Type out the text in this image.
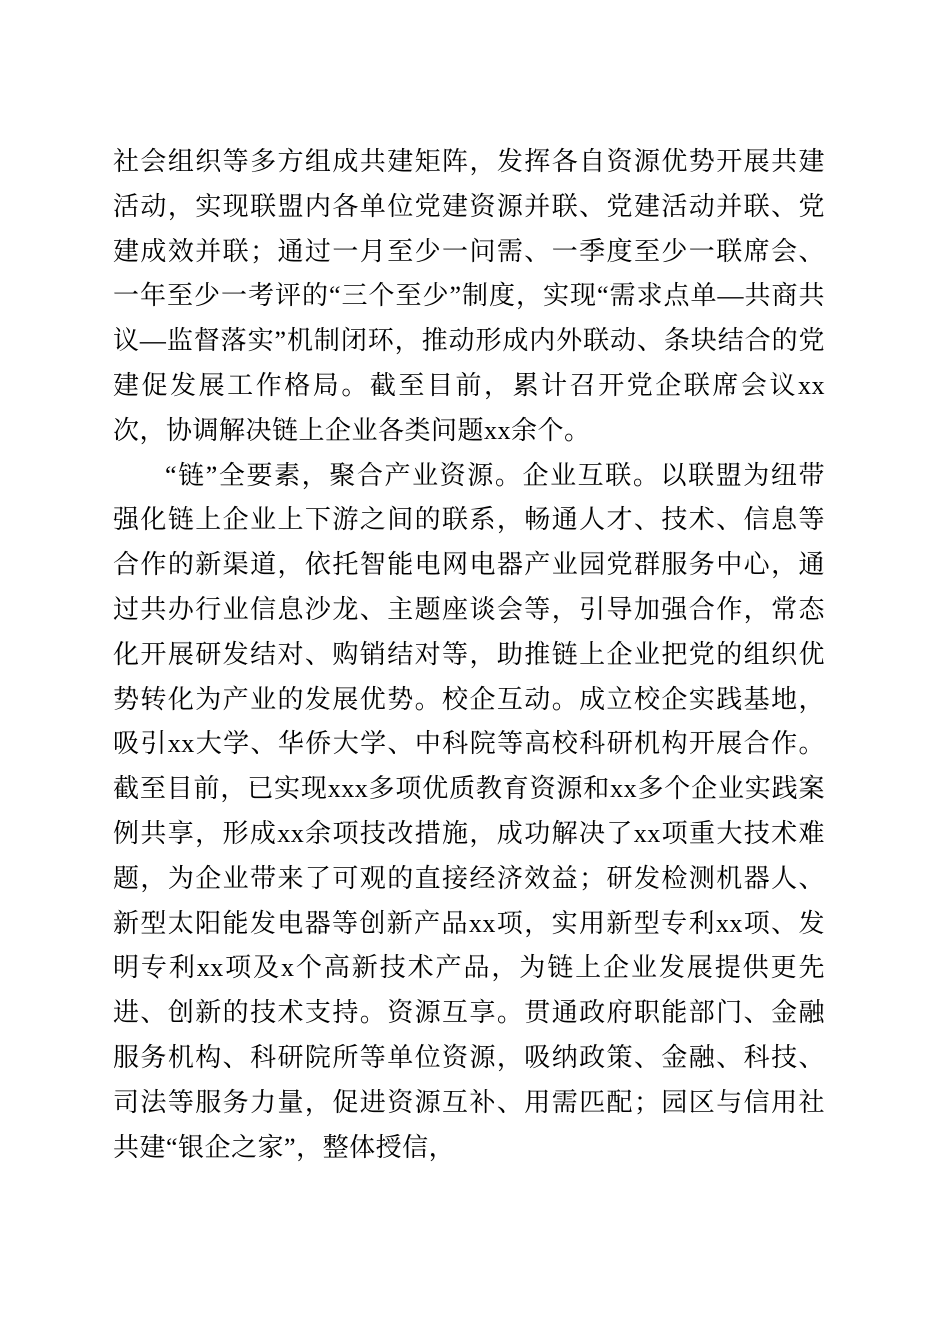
社会组织等多方组成共建矩阵，发挥各自资源优势开展共建活动，实现联盟内各单位党建资源并联、党建活动并联、党建成效并联；通过一月至少一问需、一季度至少一联席会、一年至少一考评的“三个至少”制度，实现“需求点单—共商共议—监督落实”机制闭环，推动形成内外联动、条块结合的党建促发展工作格局。截至目前，累计召开党企联席会议xx次，协调解决链上企业各类问题xx余个。

“链”全要素，聚合产业资源。企业互联。以联盟为纽带强化链上企业上下游之间的联系，畅通人才、技术、信息等合作的新渠道，依托智能电网电器产业园党群服务中心，通过共办行业信息沙龙、主题座谈会等，引导加强合作，常态化开展研发结对、购销结对等，助推链上企业把党的组织优势转化为产业的发展优势。校企互动。成立校企实践基地，吸引xx大学、华侨大学、中科院等高校科研机构开展合作。截至目前，已实现xxx多项优质教育资源和xx多个企业实践案例共享，形成xx余项技改措施，成功解决了xx项重大技术难题，为企业带来了可观的直接经济效益；研发检测机器人、新型太阳能发电器等创新产品xx项，实用新型专利xx项、发明专利xx项及x个高新技术产品，为链上企业发展提供更先进、创新的技术支持。资源互享。贯通政府职能部门、金融服务机构、科研院所等单位资源，吸纳政策、金融、科技、司法等服务力量，促进资源互补、用需匹配；园区与信用社共建“银企之家”，整体授信，
